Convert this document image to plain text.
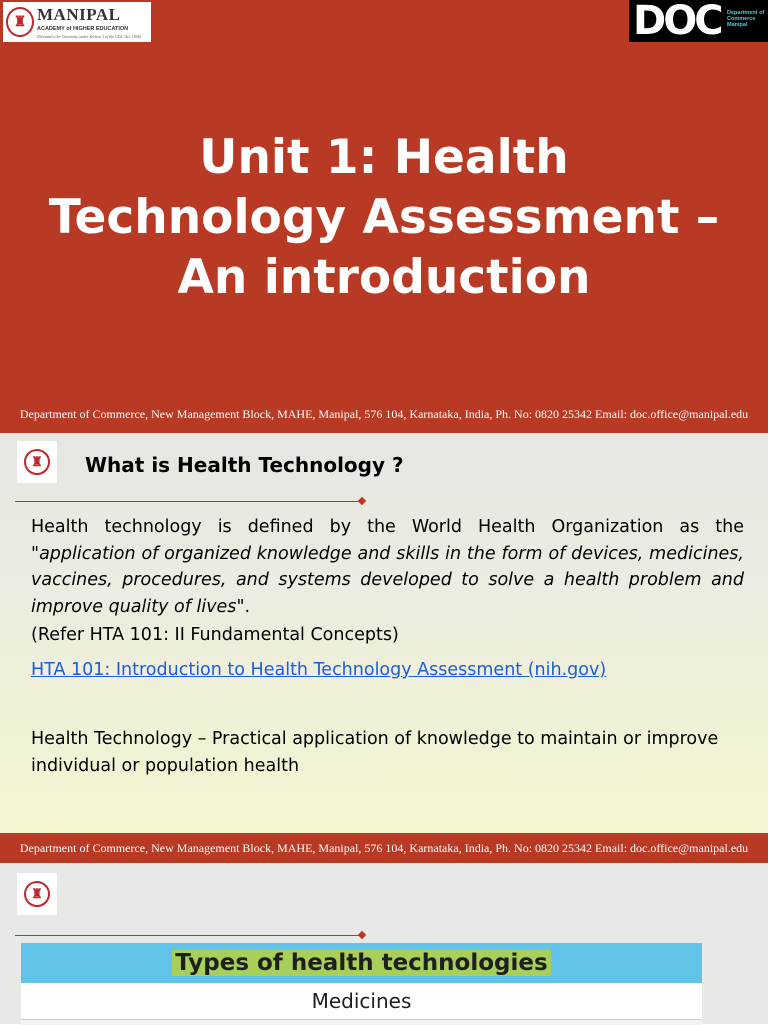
♜ MANIPAL
ACADEMY of HIGHER EDUCATION
(Deemed to be University under Section 3 of the UGC Act, 1956)	DOC Department of
Commerce
Manipal
Unit 1: Health
Technology Assessment –
An introduction
Department of Commerce, New Management Block, MAHE, Manipal, 576 104, Karnataka, India, Ph. No: 0820 25342 Email: doc.office@manipal.edu
♜	What is Health Technology ?

Health technology is defined by the World Health Organization as the "application of organized knowledge and skills in the form of devices, medicines, vaccines, procedures, and systems developed to solve a health problem and improve quality of lives".

(Refer HTA 101: II Fundamental Concepts)

HTA 101: Introduction to Health Technology Assessment (nih.gov)

Health Technology – Practical application of knowledge to maintain or improve individual or population health

Department of Commerce, New Management Block, MAHE, Manipal, 576 104, Karnataka, India, Ph. No: 0820 25342 Email: doc.office@manipal.edu
♜
Types of health technologies
Medicines
